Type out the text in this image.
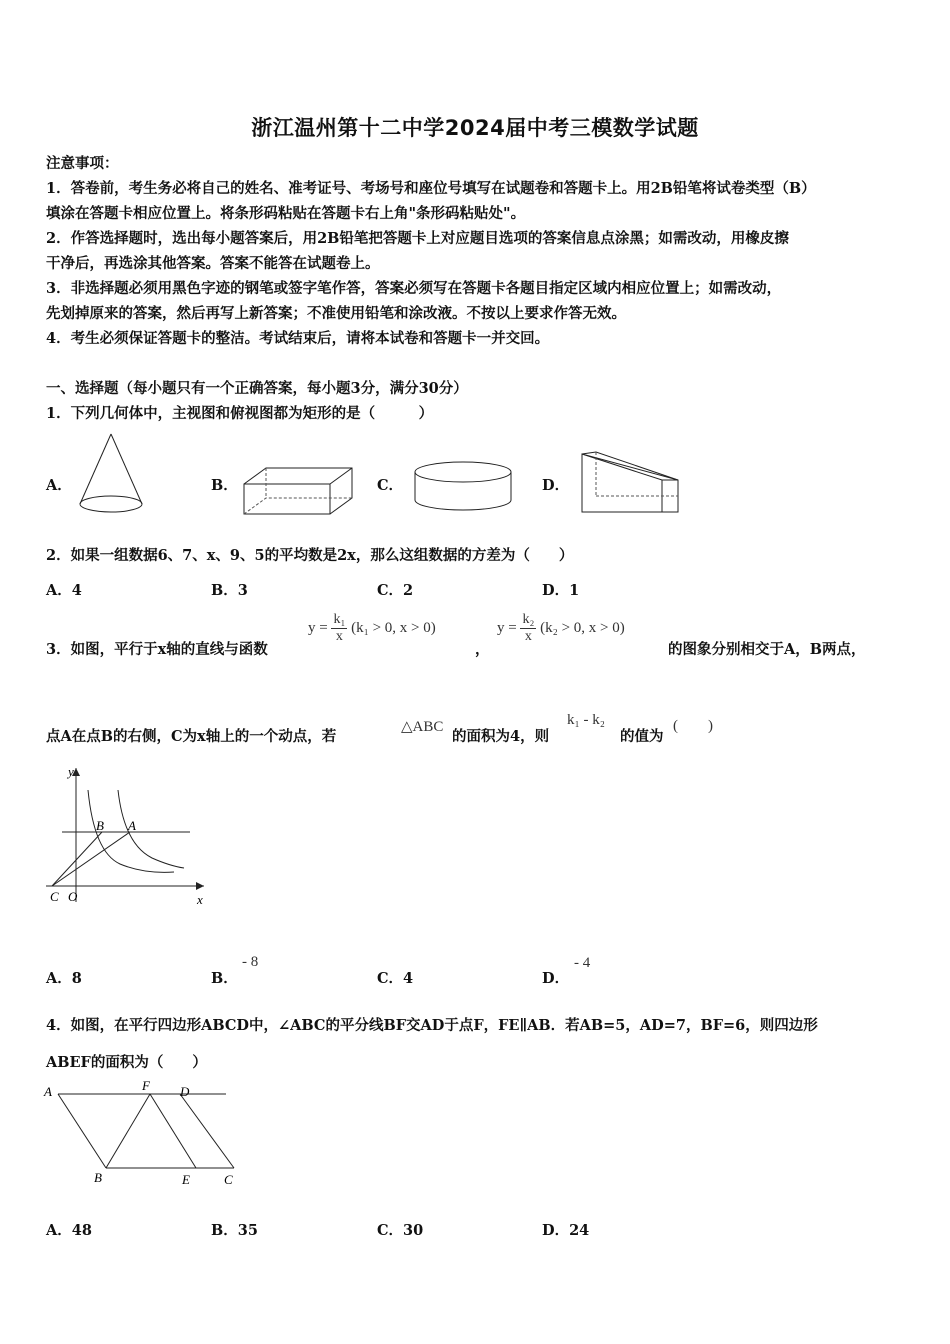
浙江温州第十二中学2024届中考三模数学试题
注意事项：
1．答卷前，考生务必将自己的姓名、准考证号、考场号和座位号填写在试题卷和答题卡上。用2B铅笔将试卷类型（B）
填涂在答题卡相应位置上。将条形码粘贴在答题卡右上角"条形码粘贴处"。
2．作答选择题时，选出每小题答案后，用2B铅笔把答题卡上对应题目选项的答案信息点涂黑；如需改动，用橡皮擦
干净后，再选涂其他答案。答案不能答在试题卷上。
3．非选择题必须用黑色字迹的钢笔或签字笔作答，答案必须写在答题卡各题目指定区域内相应位置上；如需改动，
先划掉原来的答案，然后再写上新答案；不准使用铅笔和涂改液。不按以上要求作答无效。
4．考生必须保证答题卡的整洁。考试结束后，请将本试卷和答题卡一并交回。
一、选择题（每小题只有一个正确答案，每小题3分，满分30分）
1．下列几何体中，主视图和俯视图都为矩形的是（　　　）
A．	B．	C．	D．
2．如果一组数据6、7、x、9、5的平均数是2x，那么这组数据的方差为（　　）
A．4	B．3	C．2	D．1
3．如图，平行于x轴的直线与函数
$y = \frac{\text{k₁}}{x} (k_1 > 0$, x > 0)
，
$y = \frac{\text{k₂}}{x} (k_2 > 0$, x > 0)
的图象分别相交于A，B两点，
点A在点B的右侧，C为x轴上的一个动点，若
△ABC
的面积为4，则
k₁ - k₂
的值为
(　　)
y
x
B A
C O
A．8	B．
- 8
C．4	D．
- 4
4．如图，在平行四边形ABCD中，∠ABC的平分线BF交AD于点F，FE∥AB．若AB=5，AD=7，BF=6，则四边形
ABEF的面积为（　　）
A	F D
B	E	C
A．48	B．35	C．30	D．24
